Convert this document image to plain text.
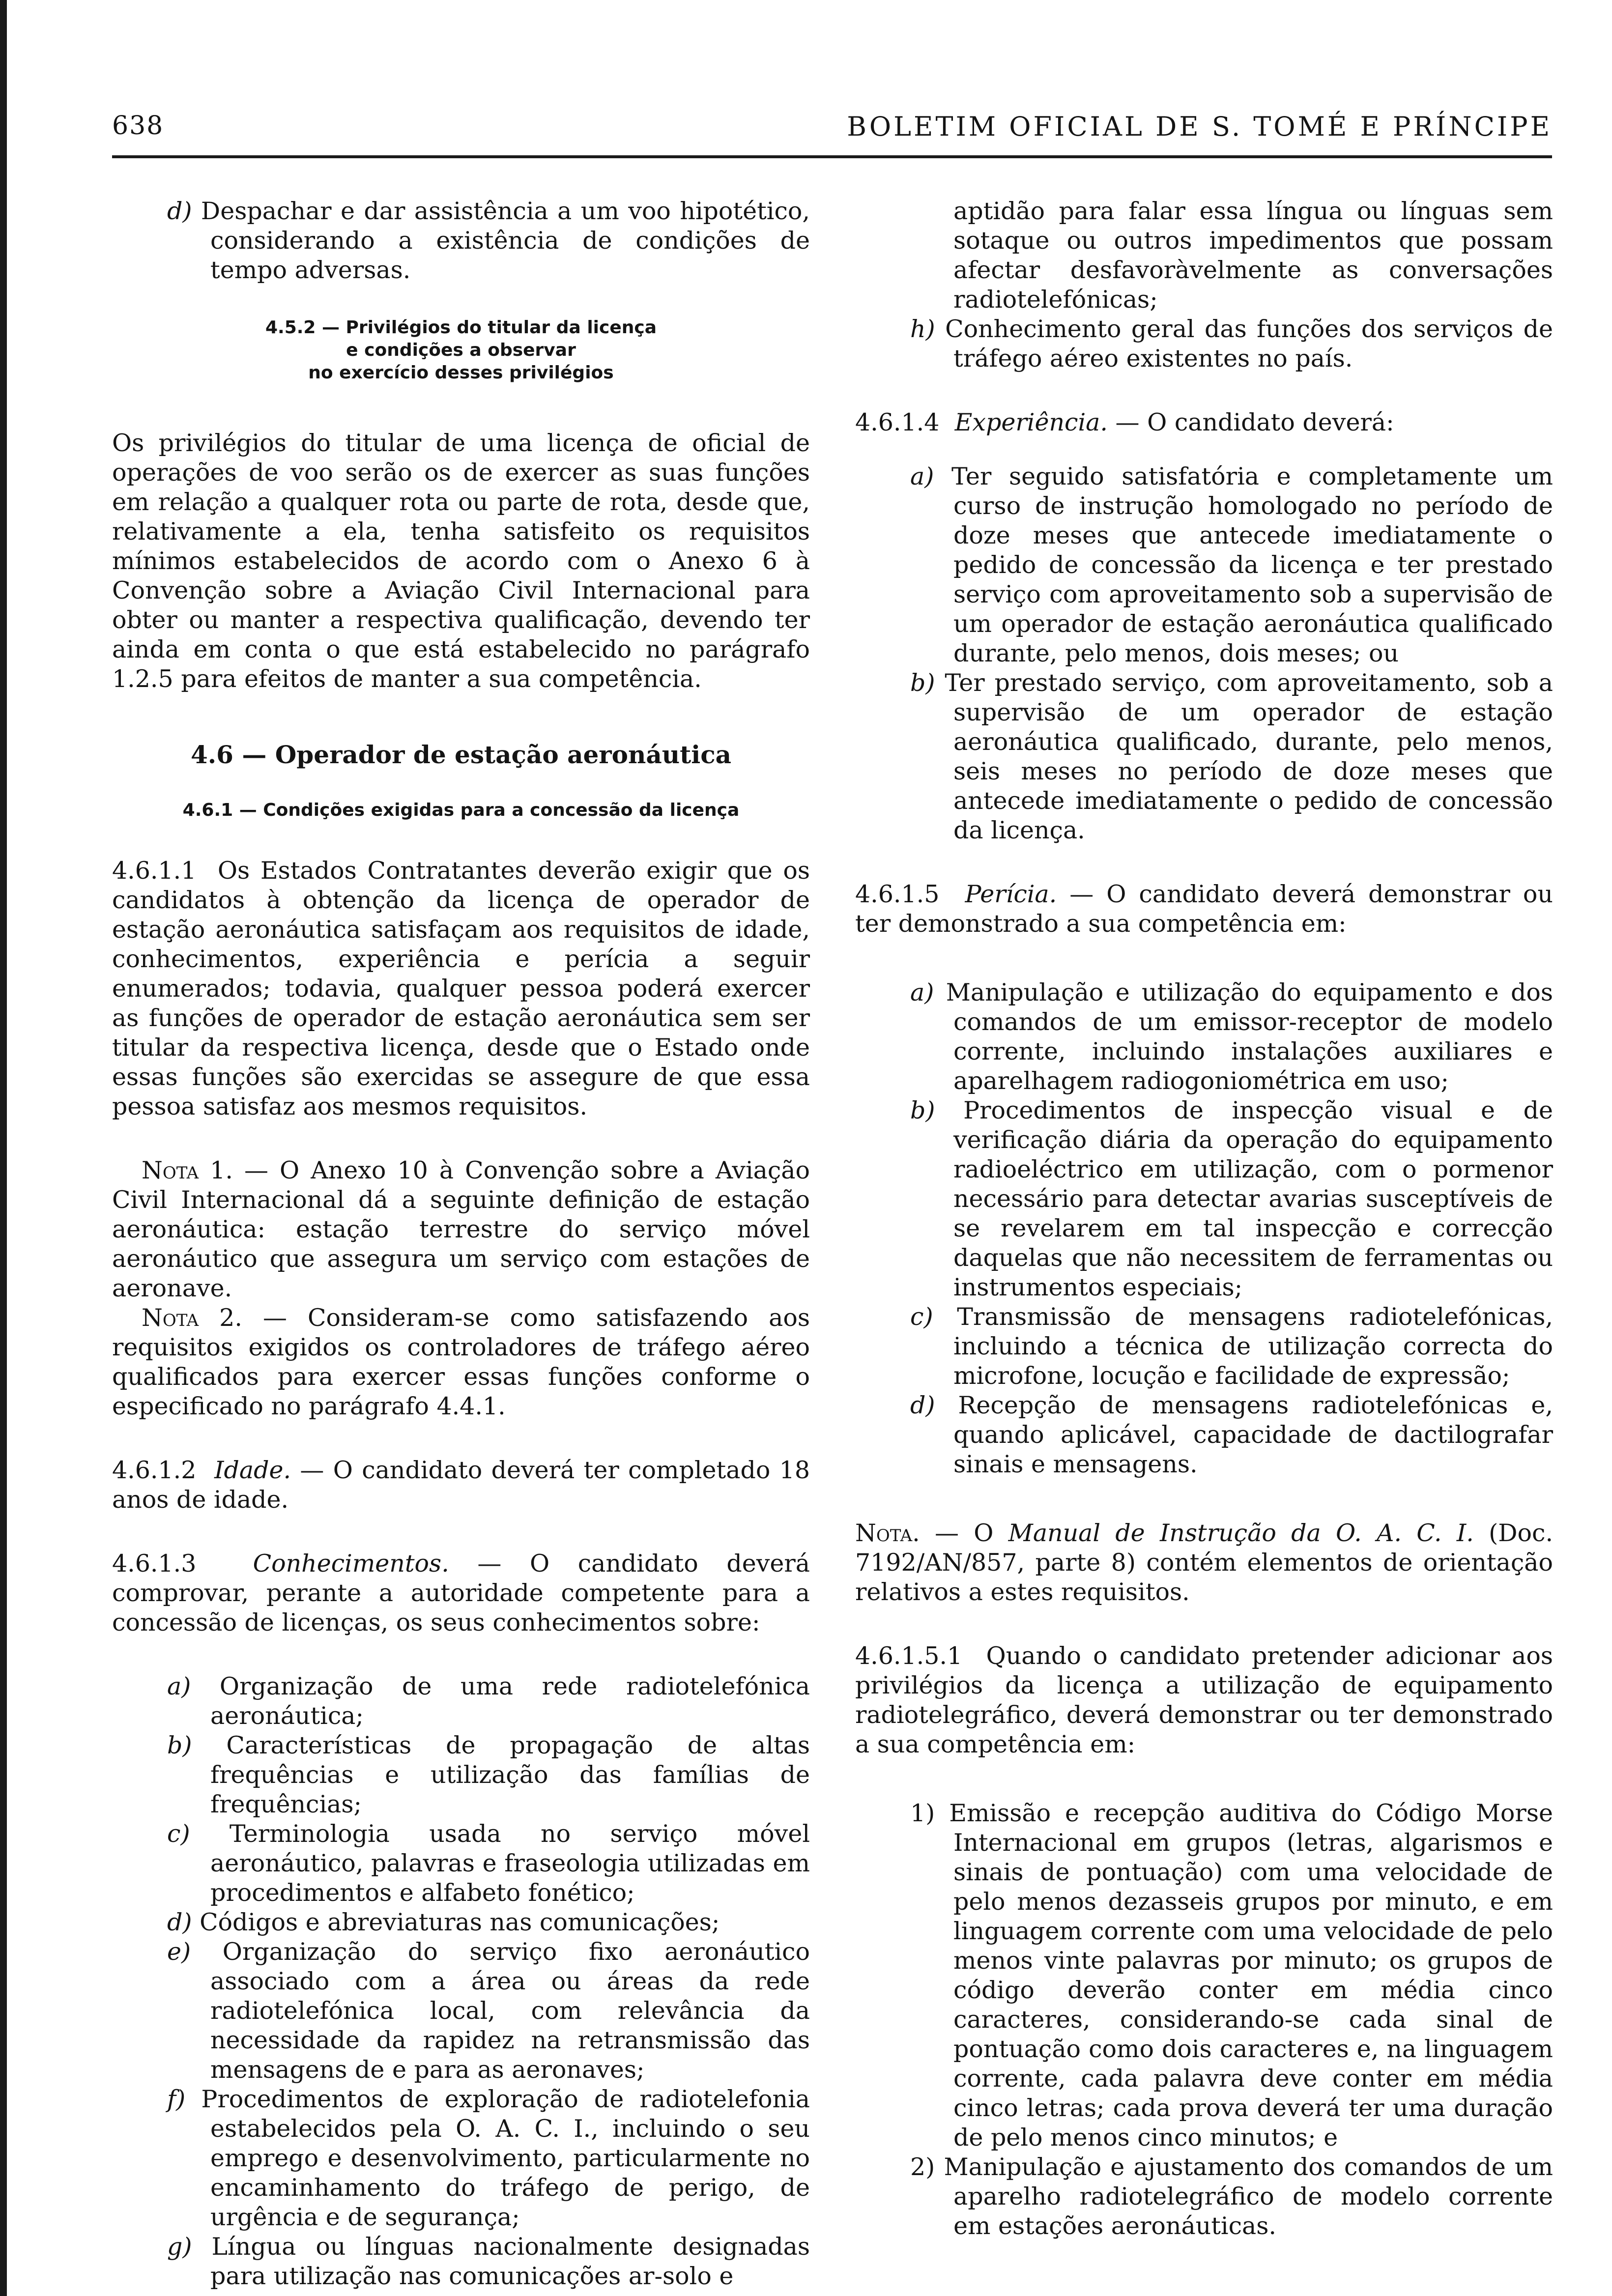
638	BOLETIM OFICIAL DE S. TOMÉ E PRÍNCIPE

d) Despachar e dar assistência a um voo hipotético, considerando a existência de condições de tempo adversas.

4.5.2 — Privilégios do titular da licença

e condições a observar

no exercício desses privilégios

Os privilégios do titular de uma licença de oficial de operações de voo serão os de exercer as suas funções em relação a qualquer rota ou parte de rota, desde que, relativamente a ela, tenha satisfeito os requisitos mínimos estabelecidos de acordo com o Anexo 6 à Convenção sobre a Aviação Civil Internacional para obter ou manter a respectiva qualificação, devendo ter ainda em conta o que está estabelecido no parágrafo 1.2.5 para efeitos de manter a sua competência.

4.6 — Operador de estação aeronáutica

4.6.1 — Condições exigidas para a concessão da licença

4.6.1.1 Os Estados Contratantes deverão exigir que os candidatos à obtenção da licença de operador de estação aeronáutica satisfaçam aos requisitos de idade, conhecimentos, experiência e perícia a seguir enumerados; todavia, qualquer pessoa poderá exercer as funções de operador de estação aeronáutica sem ser titular da respectiva licença, desde que o Estado onde essas funções são exercidas se assegure de que essa pessoa satisfaz aos mesmos requisitos.

Nota 1. — O Anexo 10 à Convenção sobre a Aviação Civil Internacional dá a seguinte definição de estação aeronáutica: estação terrestre do serviço móvel aeronáutico que assegura um serviço com estações de aeronave.

Nota 2. — Consideram-se como satisfazendo aos requisitos exigidos os controladores de tráfego aéreo qualificados para exercer essas funções conforme o especificado no parágrafo 4.4.1.

4.6.1.2 Idade. — O candidato deverá ter completado 18 anos de idade.

4.6.1.3 Conhecimentos. — O candidato deverá comprovar, perante a autoridade competente para a concessão de licenças, os seus conhecimentos sobre:

a) Organização de uma rede radiotelefónica aeronáutica;

b) Características de propagação de altas frequências e utilização das famílias de frequências;

c) Terminologia usada no serviço móvel aeronáutico, palavras e fraseologia utilizadas em procedimentos e alfabeto fonético;

d) Códigos e abreviaturas nas comunicações;

e) Organização do serviço fixo aeronáutico associado com a área ou áreas da rede radiotelefónica local, com relevância da necessidade da rapidez na retransmissão das mensagens de e para as aeronaves;

f) Procedimentos de exploração de radiotelefonia estabelecidos pela O. A. C. I., incluindo o seu emprego e desenvolvimento, particularmente no encaminhamento do tráfego de perigo, de urgência e de segurança;

g) Língua ou línguas nacionalmente designadas para utilização nas comunicações ar-solo e

aptidão para falar essa língua ou línguas sem sotaque ou outros impedimentos que possam afectar desfavoràvelmente as conversações radiotelefónicas;

h) Conhecimento geral das funções dos serviços de tráfego aéreo existentes no país.

4.6.1.4 Experiência. — O candidato deverá:

a) Ter seguido satisfatória e completamente um curso de instrução homologado no período de doze meses que antecede imediatamente o pedido de concessão da licença e ter prestado serviço com aproveitamento sob a supervisão de um operador de estação aeronáutica qualificado durante, pelo menos, dois meses; ou

b) Ter prestado serviço, com aproveitamento, sob a supervisão de um operador de estação aeronáutica qualificado, durante, pelo menos, seis meses no período de doze meses que antecede imediatamente o pedido de concessão da licença.

4.6.1.5 Perícia. — O candidato deverá demonstrar ou ter demonstrado a sua competência em:

a) Manipulação e utilização do equipamento e dos comandos de um emissor-receptor de modelo corrente, incluindo instalações auxiliares e aparelhagem radiogoniométrica em uso;

b) Procedimentos de inspecção visual e de verificação diária da operação do equipamento radioeléctrico em utilização, com o pormenor necessário para detectar avarias susceptíveis de se revelarem em tal inspecção e correcção daquelas que não necessitem de ferramentas ou instrumentos especiais;

c) Transmissão de mensagens radiotelefónicas, incluindo a técnica de utilização correcta do microfone, locução e facilidade de expressão;

d) Recepção de mensagens radiotelefónicas e, quando aplicável, capacidade de dactilografar sinais e mensagens.

Nota. — O Manual de Instrução da O. A. C. I. (Doc. 7192/AN/857, parte 8) contém elementos de orientação relativos a estes requisitos.

4.6.1.5.1 Quando o candidato pretender adicionar aos privilégios da licença a utilização de equipamento radiotelegráfico, deverá demonstrar ou ter demonstrado a sua competência em:

1) Emissão e recepção auditiva do Código Morse Internacional em grupos (letras, algarismos e sinais de pontuação) com uma velocidade de pelo menos dezasseis grupos por minuto, e em linguagem corrente com uma velocidade de pelo menos vinte palavras por minuto; os grupos de código deverão conter em média cinco caracteres, considerando-se cada sinal de pontuação como dois caracteres e, na linguagem corrente, cada palavra deve conter em média cinco letras; cada prova deverá ter uma duração de pelo menos cinco minutos; e

2) Manipulação e ajustamento dos comandos de um aparelho radiotelegráfico de modelo corrente em estações aeronáuticas.
